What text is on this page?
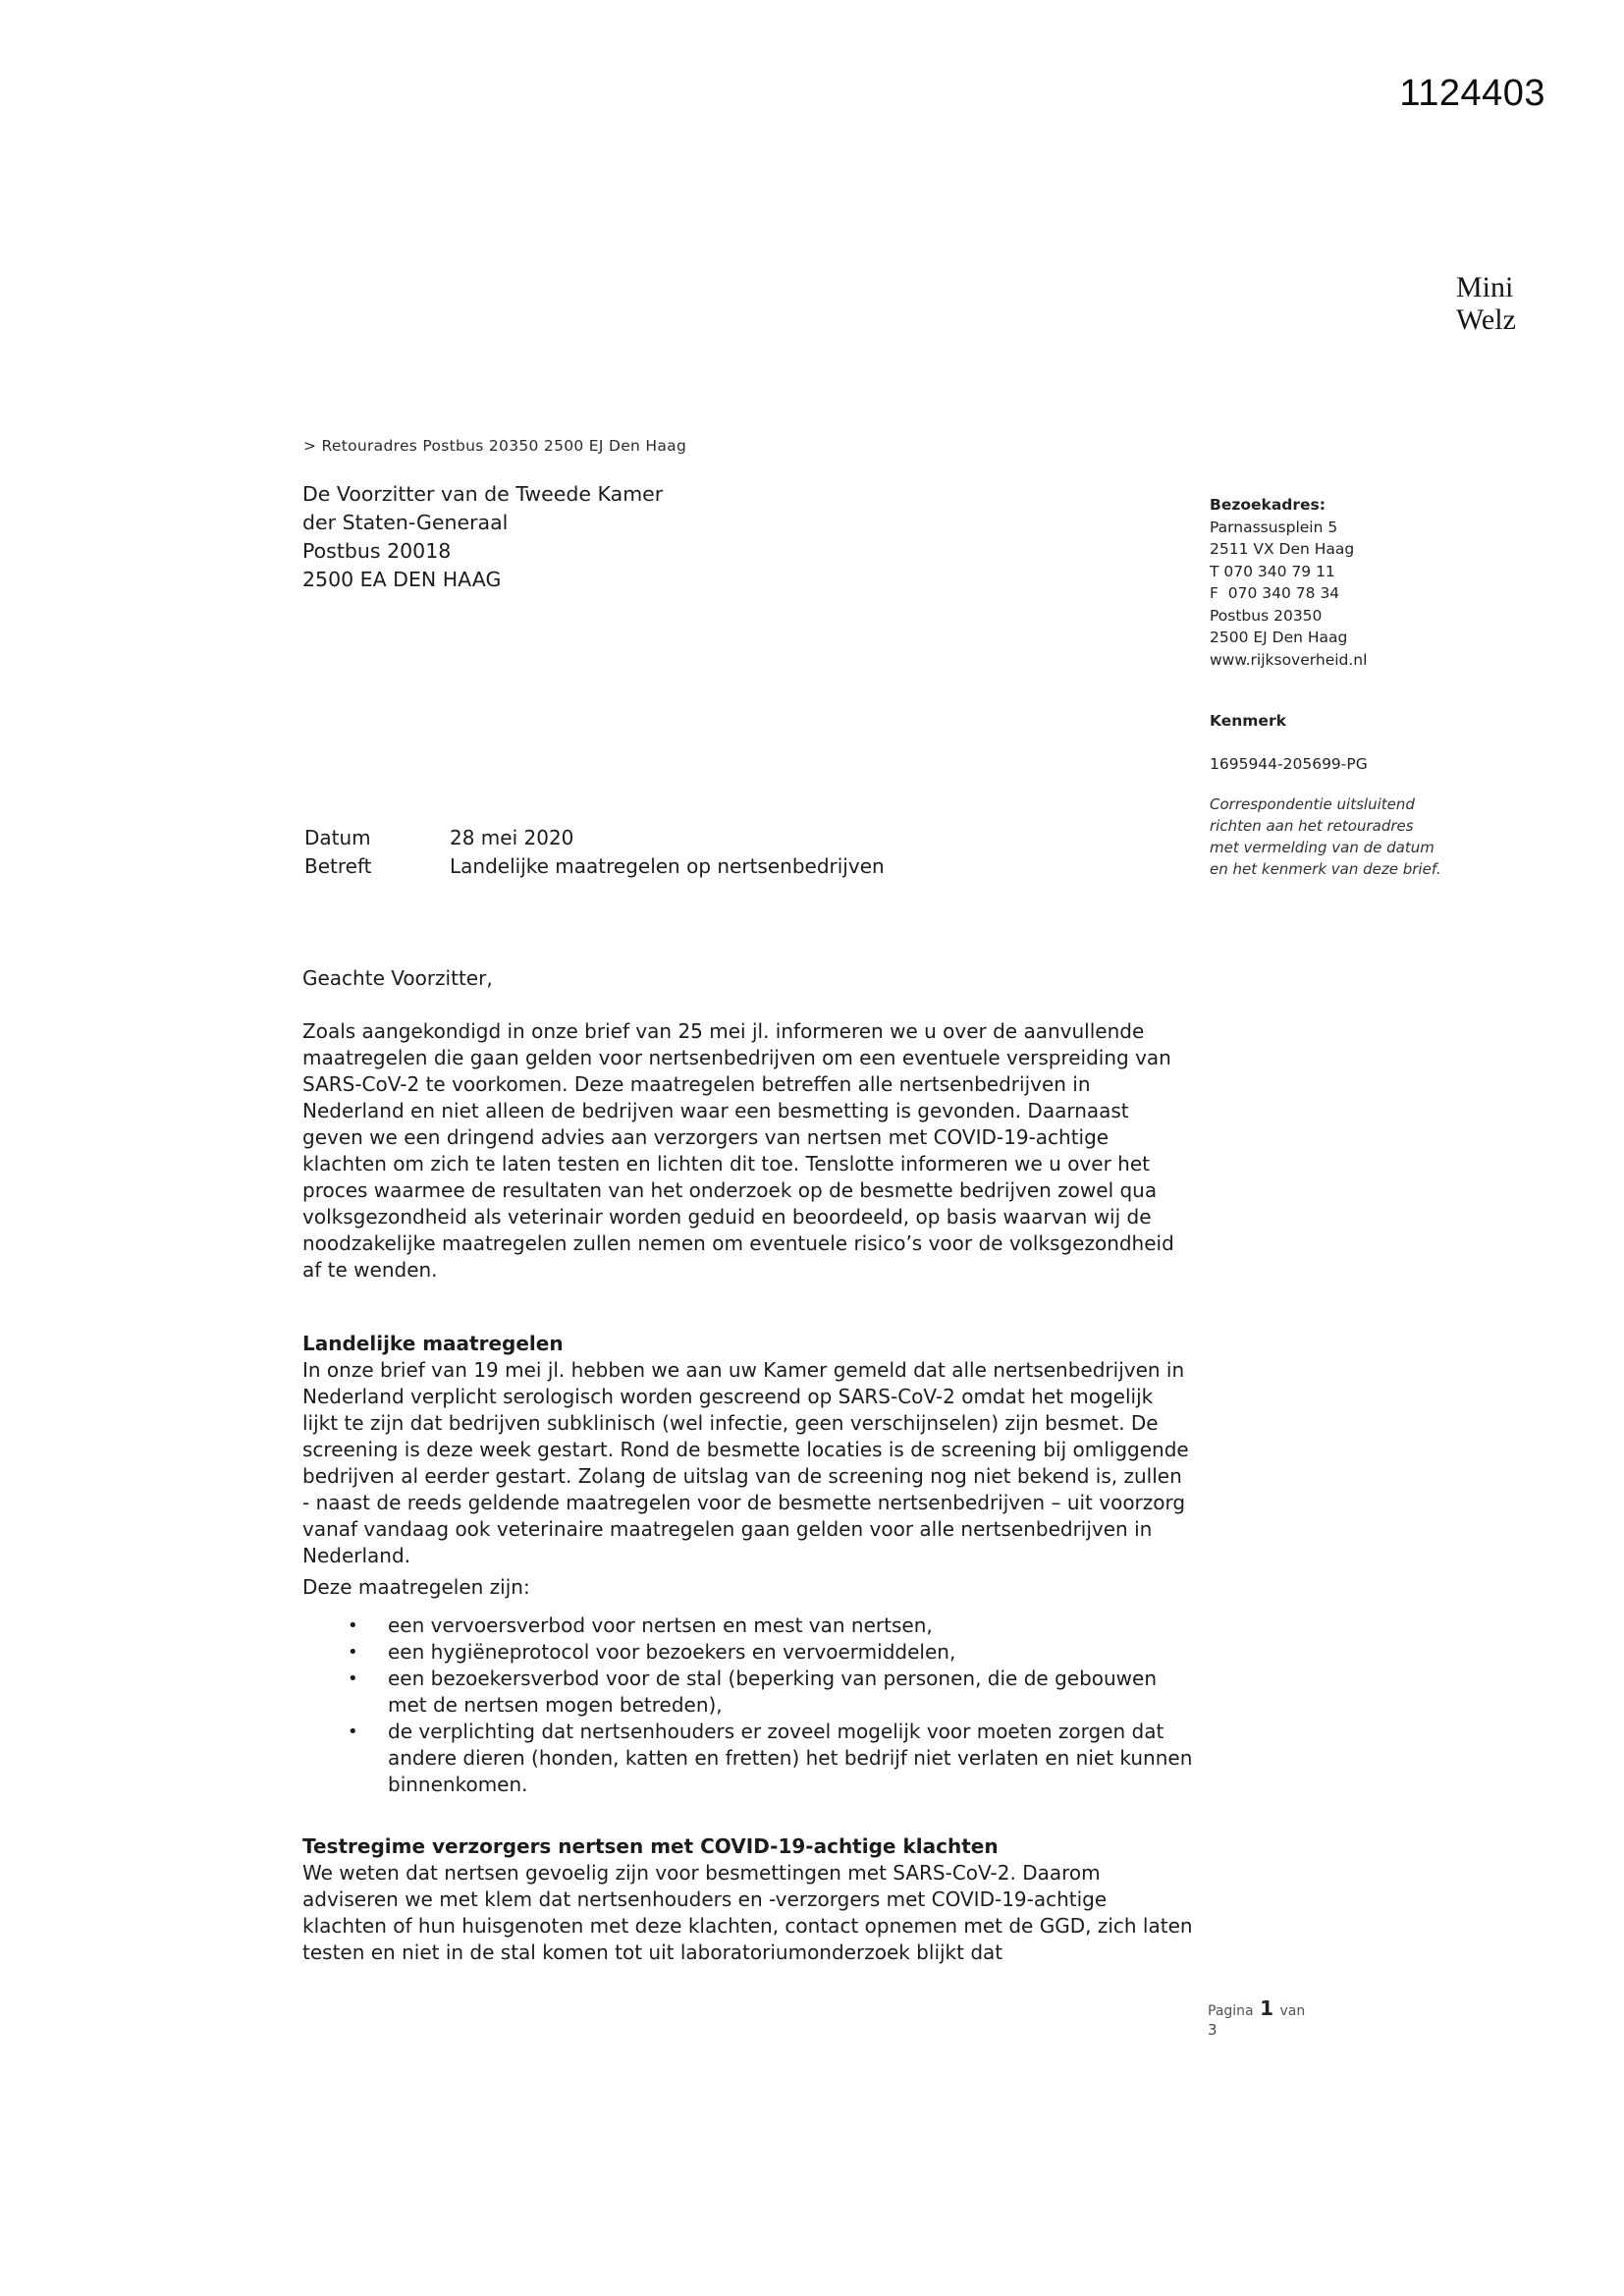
1124403
Mini
Welz
> Retouradres Postbus 20350 2500 EJ Den Haag
De Voorzitter van de Tweede Kamer
der Staten-Generaal
Postbus 20018
2500 EA DEN HAAG
Datum	28 mei 2020
Betreft	Landelijke maatregelen op nertsenbedrijven

Geachte Voorzitter,

Zoals aangekondigd in onze brief van 25 mei jl. informeren we u over de aanvullende maatregelen die gaan gelden voor nertsenbedrijven om een eventuele verspreiding van SARS-CoV-2 te voorkomen. Deze maatregelen betreffen alle nertsenbedrijven in Nederland en niet alleen de bedrijven waar een besmetting is gevonden. Daarnaast geven we een dringend advies aan verzorgers van nertsen met COVID-19-achtige klachten om zich te laten testen en lichten dit toe. Tenslotte informeren we u over het proces waarmee de resultaten van het onderzoek op de besmette bedrijven zowel qua volksgezondheid als veterinair worden geduid en beoordeeld, op basis waarvan wij de noodzakelijke maatregelen zullen nemen om eventuele risico’s voor de volksgezondheid af te wenden.

Landelijke maatregelen

In onze brief van 19 mei jl. hebben we aan uw Kamer gemeld dat alle nertsenbedrijven in Nederland verplicht serologisch worden gescreend op SARS-CoV-2 omdat het mogelijk lijkt te zijn dat bedrijven subklinisch (wel infectie, geen verschijnselen) zijn besmet. De screening is deze week gestart. Rond de besmette locaties is de screening bij omliggende bedrijven al eerder gestart. Zolang de uitslag van de screening nog niet bekend is, zullen - naast de reeds geldende maatregelen voor de besmette nertsenbedrijven – uit voorzorg vanaf vandaag ook veterinaire maatregelen gaan gelden voor alle nertsenbedrijven in Nederland.

Deze maatregelen zijn:

• een vervoersverbod voor nertsen en mest van nertsen,
• een hygiëneprotocol voor bezoekers en vervoermiddelen,
• een bezoekersverbod voor de stal (beperking van personen, die de gebouwen met de nertsen mogen betreden),
• de verplichting dat nertsenhouders er zoveel mogelijk voor moeten zorgen dat andere dieren (honden, katten en fretten) het bedrijf niet verlaten en niet kunnen binnenkomen.
Testregime verzorgers nertsen met COVID-19-achtige klachten

We weten dat nertsen gevoelig zijn voor besmettingen met SARS-CoV-2. Daarom adviseren we met klem dat nertsenhouders en -verzorgers met COVID-19-achtige klachten of hun huisgenoten met deze klachten, contact opnemen met de GGD, zich laten testen en niet in de stal komen tot uit laboratoriumonderzoek blijkt dat

Bezoekadres:
Parnassusplein 5
2511 VX Den Haag
T 070 340 79 11
F  070 340 78 34
Postbus 20350
2500 EJ Den Haag
www.rijksoverheid.nl
Kenmerk
1695944-205699-PG
Correspondentie uitsluitend richten aan het retouradres met vermelding van de datum en het kenmerk van deze brief.
Pagina 1 van
3
